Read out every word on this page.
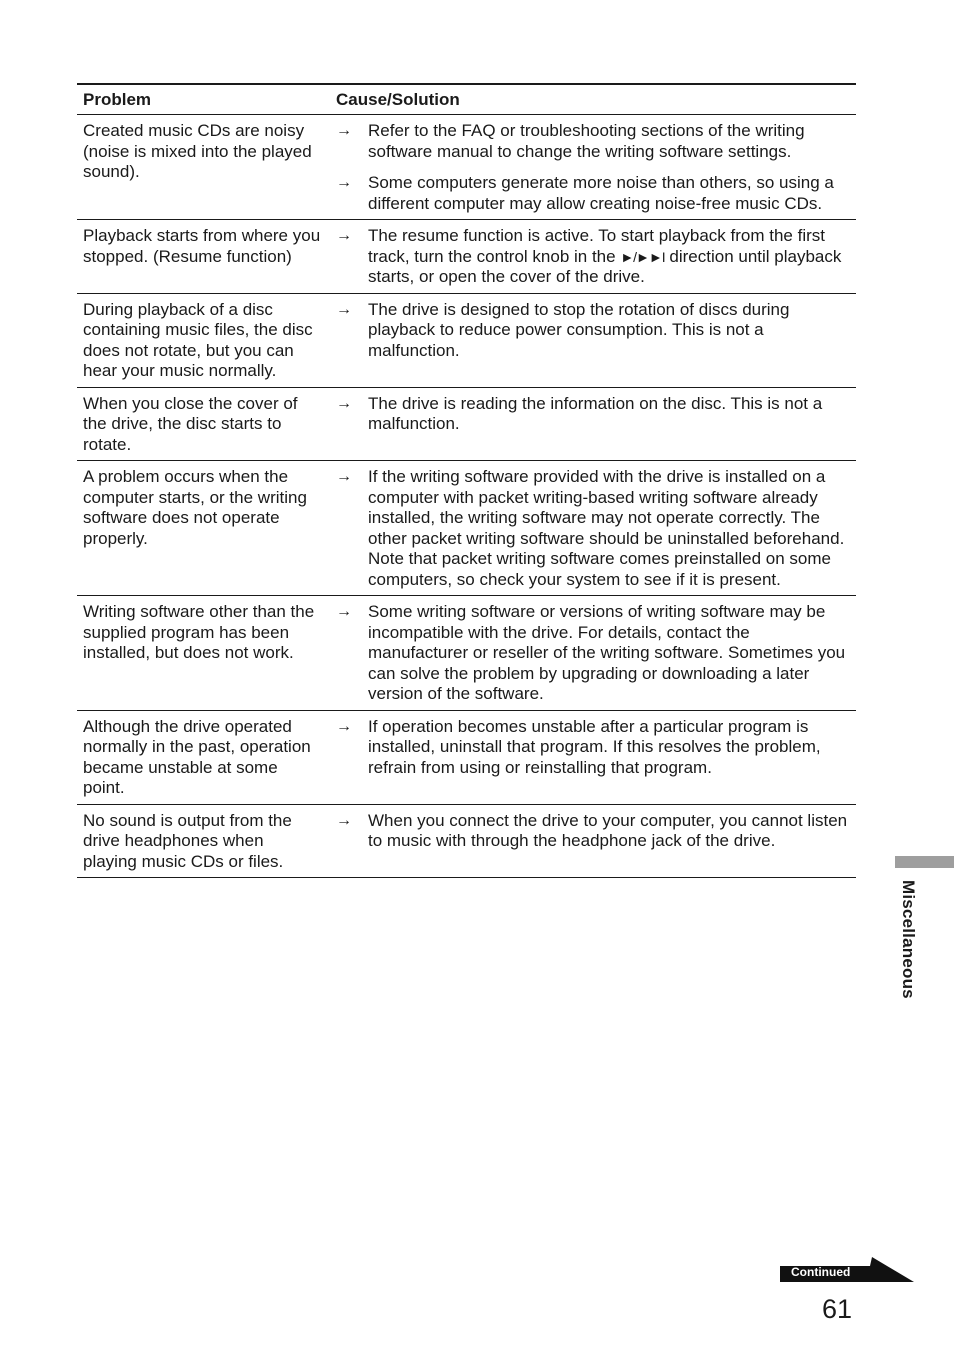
Problem	Cause/Solution
Created music CDs are noisy (noise is mixed into the played sound).	→ Refer to the FAQ or troubleshooting sections of the writing software manual to change the writing software settings.
→ Some computers generate more noise than others, so using a different computer may allow creating noise-free music CDs.

Playback starts from where you stopped. (Resume function)	→ The resume function is active. To start playback from the first track, turn the control knob in the ►/►►I direction until playback starts, or open the cover of the drive.

During playback of a disc containing music files, the disc does not rotate, but you can hear your music normally.	→ The drive is designed to stop the rotation of discs during playback to reduce power consumption. This is not a malfunction.

When you close the cover of the drive, the disc starts to rotate.	→ The drive is reading the information on the disc. This is not a malfunction.

A problem occurs when the computer starts, or the writing software does not operate properly.	→ If the writing software provided with the drive is installed on a computer with packet writing-based writing software already installed, the writing software may not operate correctly. The other packet writing software should be uninstalled beforehand. Note that packet writing software comes preinstalled on some computers, so check your system to see if it is present.

Writing software other than the supplied program has been installed, but does not work.	→ Some writing software or versions of writing software may be incompatible with the drive. For details, contact the manufacturer or reseller of the writing software. Sometimes you can solve the problem by upgrading or downloading a later version of the software.

Although the drive operated normally in the past, operation became unstable at some point.	→ If operation becomes unstable after a particular program is installed, uninstall that program. If this resolves the problem, refrain from using or reinstalling that program.

No sound is output from the drive headphones when playing music CDs or files.	→ When you connect the drive to your computer, you cannot listen to music with through the headphone jack of the drive.
Miscellaneous
Continued
61
